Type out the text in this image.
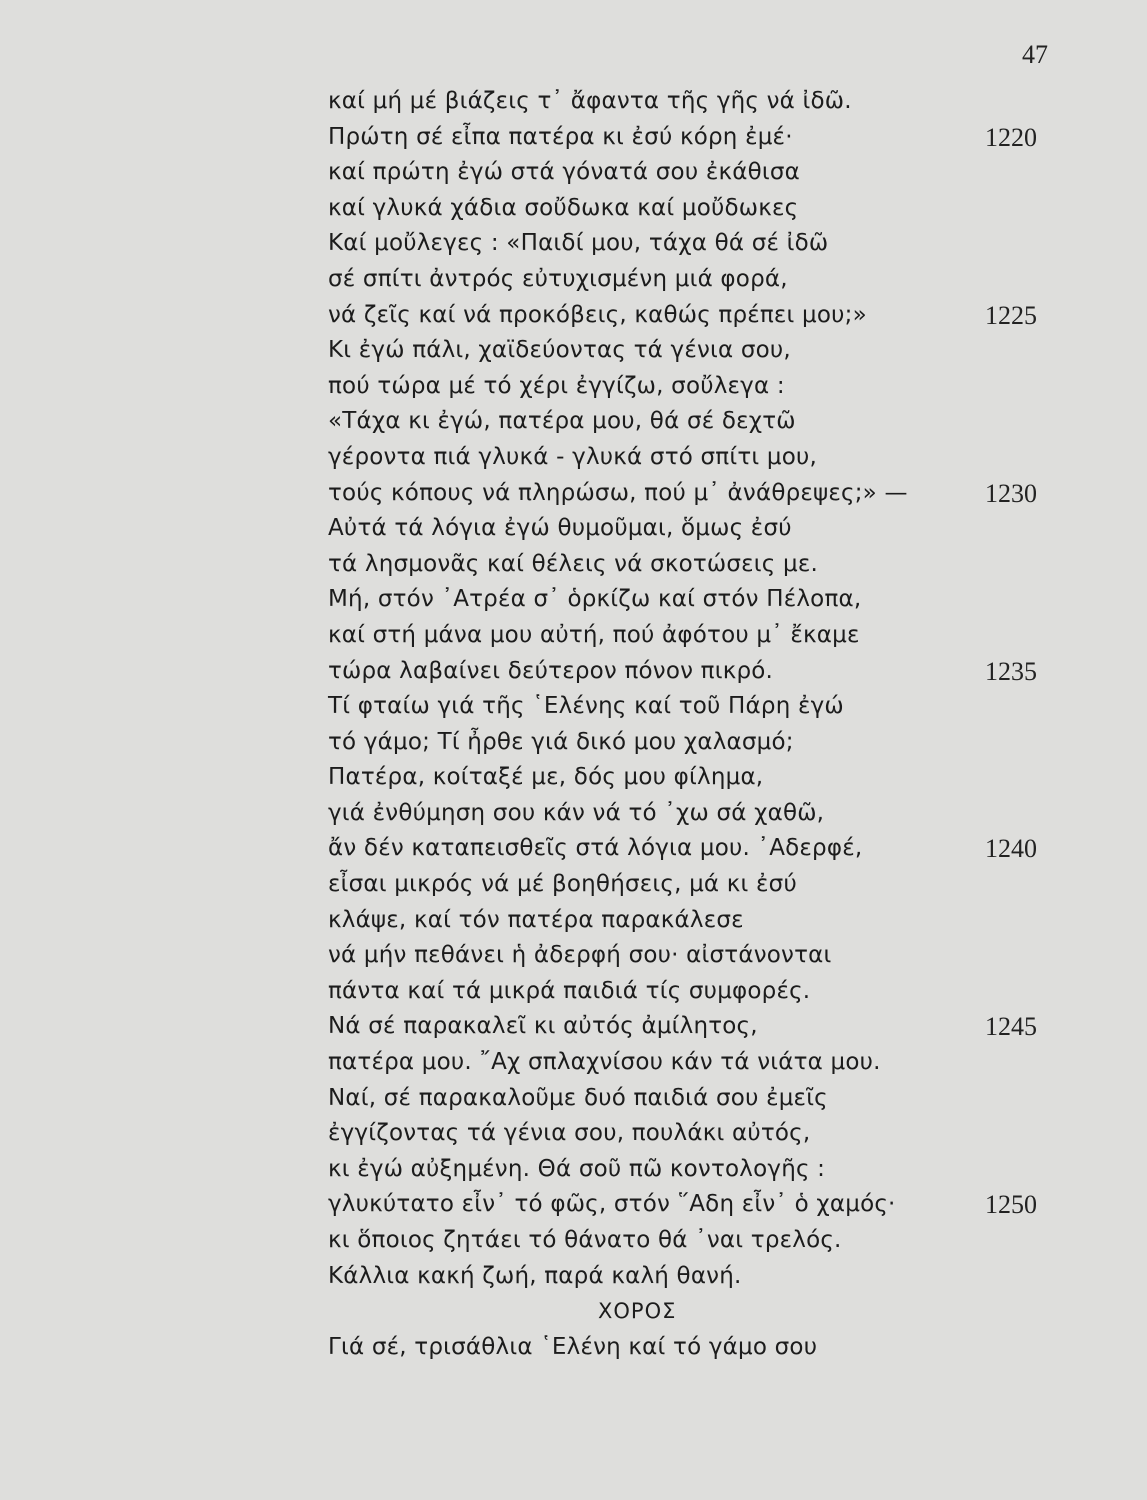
47
καί μή μέ βιάζεις τ᾿ ἄφαντα τῆς γῆς νά ἰδῶ.
Πρώτη σέ εἶπα πατέρα κι ἐσύ κόρη ἐμέ·	1220
καί πρώτη ἐγώ στά γόνατά σου ἐκάθισα
καί γλυκά χάδια σοὔδωκα καί μοὔδωκες
Καί μοὔλεγες : «Παιδί μου, τάχα θά σέ ἰδῶ
σέ σπίτι ἀντρός εὐτυχισμένη μιά φορά,
νά ζεῖς καί νά προκόβεις, καθώς πρέπει μου;»	1225
Κι ἐγώ πάλι, χαϊδεύοντας τά γένια σου,
πού τώρα μέ τό χέρι ἐγγίζω, σοὔλεγα :
«Τάχα κι ἐγώ, πατέρα μου, θά σέ δεχτῶ
γέροντα πιά γλυκά - γλυκά στό σπίτι μου,
τούς κόπους νά πληρώσω, πού μ᾿ ἀνάθρεψες;» —	1230
Αὐτά τά λόγια ἐγώ θυμοῦμαι, ὅμως ἐσύ
τά λησμονᾶς καί θέλεις νά σκοτώσεις με.
Μή, στόν ᾿Ατρέα σ᾿ ὁρκίζω καί στόν Πέλοπα,
καί στή μάνα μου αὐτή, πού ἀφότου μ᾿ ἔκαμε
τώρα λαβαίνει δεύτερον πόνον πικρό.	1235
Τί φταίω γιά τῆς ῾Ελένης καί τοῦ Πάρη ἐγώ
τό γάμο; Τί ἦρθε γιά δικό μου χαλασμό;
Πατέρα, κοίταξέ με, δός μου φίλημα,
γιά ἐνθύμηση σου κάν νά τό ᾿χω σά χαθῶ,
ἄν δέν καταπεισθεῖς στά λόγια μου. ᾿Αδερφέ,	1240
εἶσαι μικρός νά μέ βοηθήσεις, μά κι ἐσύ
κλάψε, καί τόν πατέρα παρακάλεσε
νά μήν πεθάνει ἡ ἀδερφή σου· αἰστάνονται
πάντα καί τά μικρά παιδιά τίς συμφορές.
Νά σέ παρακαλεῖ κι αὐτός ἀμίλητος,	1245
πατέρα μου. ῎Αχ σπλαχνίσου κάν τά νιάτα μου.
Ναί, σέ παρακαλοῦμε δυό παιδιά σου ἐμεῖς
ἐγγίζοντας τά γένια σου, πουλάκι αὐτός,
κι ἐγώ αὐξημένη. Θά σοῦ πῶ κοντολογῆς :
γλυκύτατο εἶν᾿ τό φῶς, στόν ῞Αδη εἶν᾿ ὁ χαμός·	1250
κι ὅποιος ζητάει τό θάνατο θά ᾿ναι τρελός.
Κάλλια κακή ζωή, παρά καλή θανή.
ΧΟΡΟΣ
Γιά σέ, τρισάθλια ῾Ελένη καί τό γάμο σου
